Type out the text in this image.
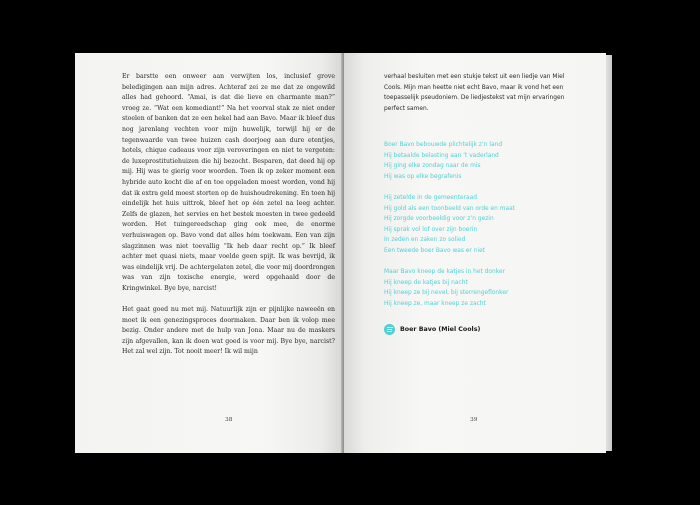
Er barstte een onweer aan verwijten los, inclusief grove beledigingen aan mijn adres. Achteraf zei ze me dat ze ongewild alles had gehoord. “Amai, is dat die lieve en charmante man?” vroeg ze. “Wat een komediant!” Na het voorval stak ze niet onder stoelen of banken dat ze een hekel had aan Bavo. Maar ik bleef dus nog jarenlang vechten voor mijn huwelijk, terwijl hij er de tegenwaarde van twee huizen cash doorjoeg aan dure etentjes, hotels, chique cadeaus voor zijn veroveringen en niet te vergeten: de luxeprostitutiehuizen die hij bezocht. Besparen, dat deed hij op mij. Hij was te gierig voor woorden. Toen ik op zeker moment een hybride auto kocht die af en toe opgeladen moest worden, vond hij dat ik extra geld moest storten op de huishoudrekening. En toen hij eindelijk het huis uittrok, bleef het op één zetel na leeg achter. Zelfs de glazen, het servies en het bestek moesten in twee gedeeld worden. Het tuingereedschap ging ook mee, de enorme verhuiswagen op. Bavo vond dat alles hém toekwam. Een van zijn slagzinnen was niet toevallig “Ik heb daar recht op.” Ik bleef achter met quasi niets, maar voelde geen spijt. Ik was bevrijd, ik was eindelijk vrij. De achtergelaten zetel, die voor mij doordrongen was van zijn toxische energie, werd opgehaald door de Kringwinkel. Bye bye, narcist!

Het gaat goed nu met mij. Natuurlijk zijn er pijnlijke naweeën en moet ik een genezingsproces doormaken. Daar ben ik volop mee bezig. Onder andere met de hulp van Jona. Maar nu de maskers zijn afgevallen, kan ik doen wat goed is voor mij. Bye bye, narcist? Het zal wel zijn. Tot nooit meer! Ik wil mijn

38

verhaal besluiten met een stukje tekst uit een liedje van Miel Cools. Mijn man heette niet echt Bavo, maar ik vond het een toepasselijk pseudoniem. De liedjestekst vat mijn ervaringen perfect samen.

Boer Bavo bebouwde plichtelijk z’n land
Hij betaalde belasting aan ’t vaderland
Hij ging elke zondag naar de mis
Hij was op elke begrafenis
Hij zetelde in de gemeenteraad
Hij gold als een toonbeeld van orde en maat
Hij zorgde voorbeeldig voor z’n gezin
Hij sprak vol lof over zijn boerin
In zeden en zaken zo solied
Een tweede boer Bavo was er niet
Maar Bavo kneep de katjes in het donker
Hij kneep de katjes bij nacht
Hij kneep ze bij nevel, bij sterrengeflonker
Hij kneep ze, maar kneep ze zacht
Boer Bavo (Miel Cools)
39
